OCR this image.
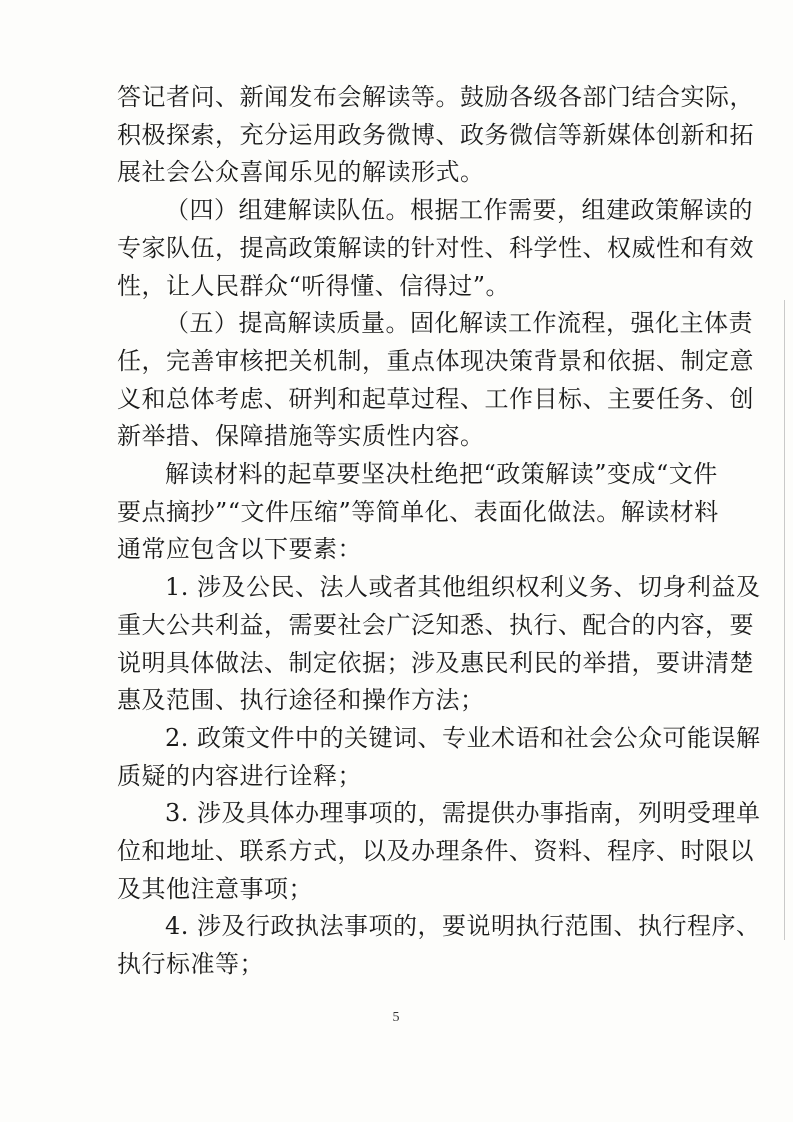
答记者问、新闻发布会解读等。鼓励各级各部门结合实际，
积极探索，充分运用政务微博、政务微信等新媒体创新和拓
展社会公众喜闻乐见的解读形式。
（四）组建解读队伍。根据工作需要，组建政策解读的
专家队伍，提高政策解读的针对性、科学性、权威性和有效
性，让人民群众“听得懂、信得过”。
（五）提高解读质量。固化解读工作流程，强化主体责
任，完善审核把关机制，重点体现决策背景和依据、制定意
义和总体考虑、研判和起草过程、工作目标、主要任务、创
新举措、保障措施等实质性内容。
解读材料的起草要坚决杜绝把“政策解读”变成“文件
要点摘抄”“文件压缩”等简单化、表面化做法。解读材料
通常应包含以下要素：
1. 涉及公民、法人或者其他组织权利义务、切身利益及
重大公共利益，需要社会广泛知悉、执行、配合的内容，要
说明具体做法、制定依据；涉及惠民利民的举措，要讲清楚
惠及范围、执行途径和操作方法；
2. 政策文件中的关键词、专业术语和社会公众可能误解
质疑的内容进行诠释；
3. 涉及具体办理事项的，需提供办事指南，列明受理单
位和地址、联系方式，以及办理条件、资料、程序、时限以
及其他注意事项；
4. 涉及行政执法事项的，要说明执行范围、执行程序、
执行标准等；
5
